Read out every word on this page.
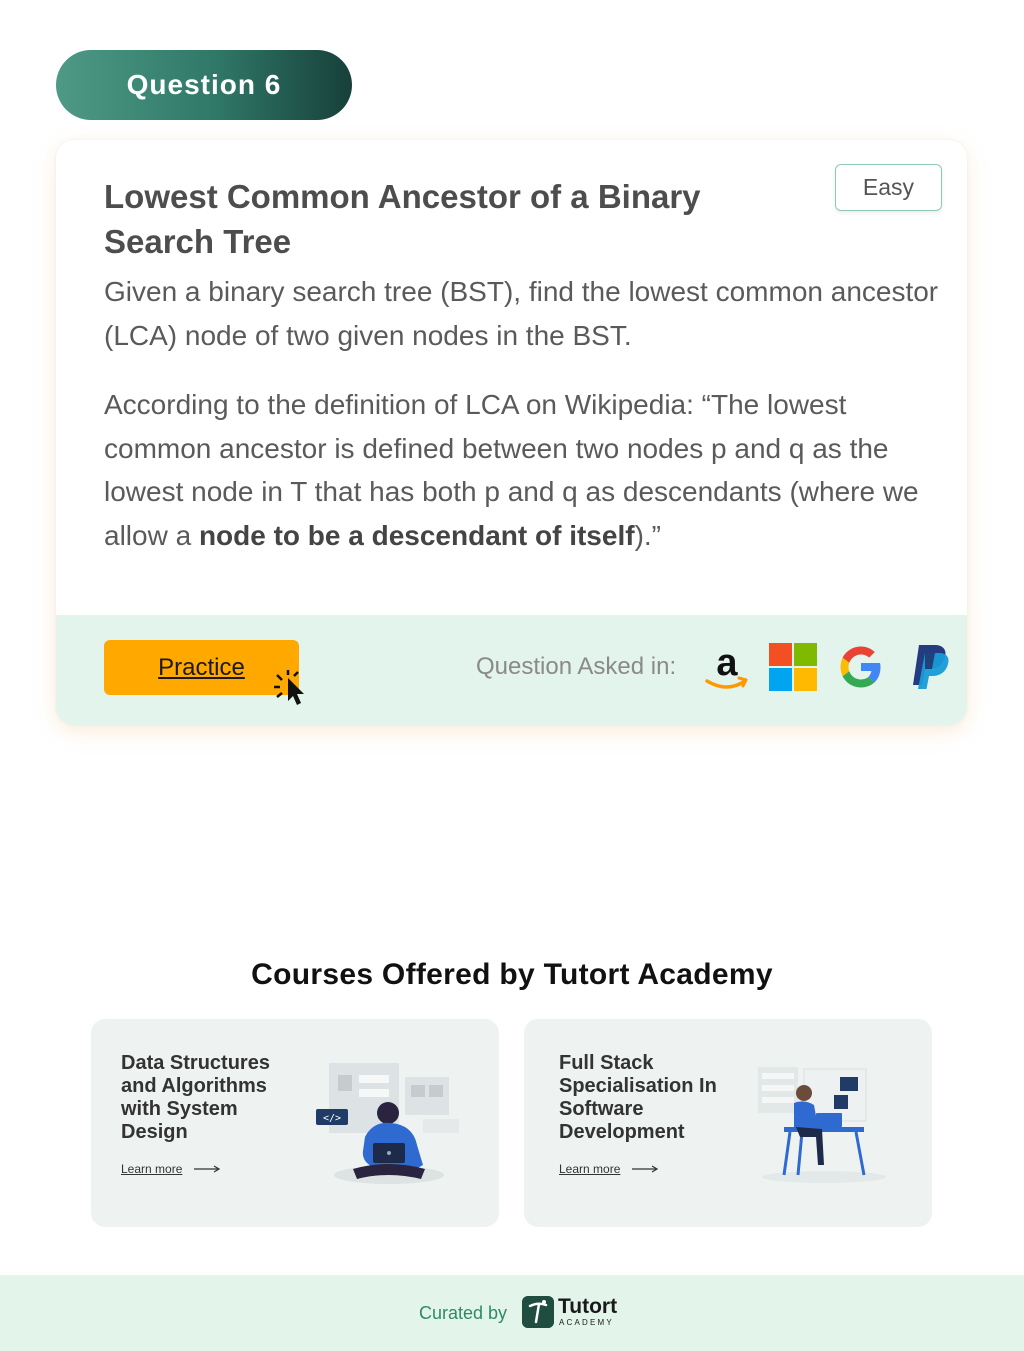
Question 6
Lowest Common Ancestor of a Binary Search Tree
Easy

Given a binary search tree (BST), find the lowest common ancestor (LCA) node of two given nodes in the BST.

According to the definition of LCA on Wikipedia: “The lowest common ancestor is defined between two nodes p and q as the lowest node in T that has both p and q as descendants (where we allow a node to be a descendant of itself).”

Practice	Question Asked in: a
Courses Offered by Tutort Academy
Data Structures and Algorithms with System Design
Learn more
</>
Full Stack Specialisation In Software Development
Learn more
Curated by Tutort
ACADEMY
